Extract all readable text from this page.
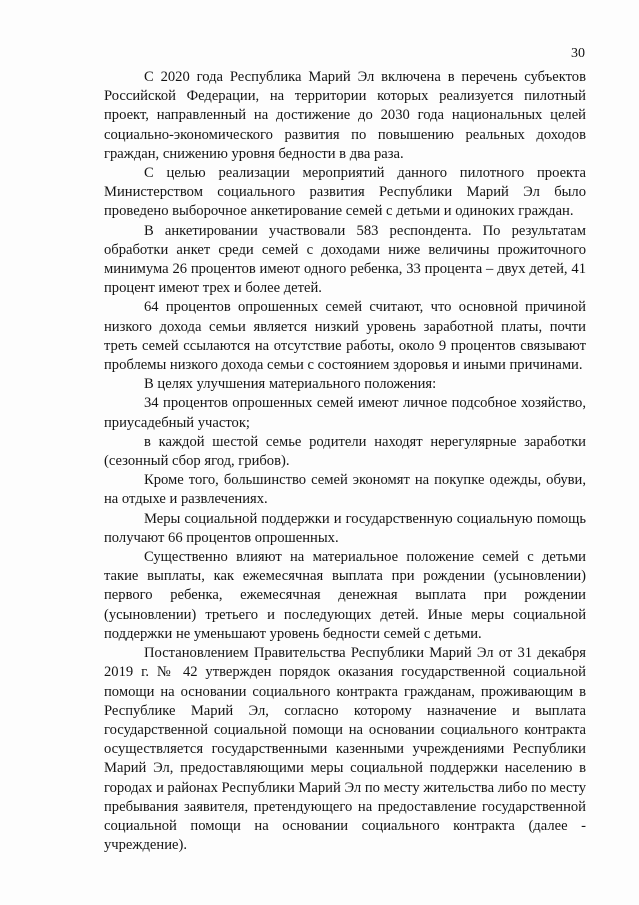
30

С 2020 года Республика Марий Эл включена в перечень субъектов Российской Федерации, на территории которых реализуется пилотный проект, направленный на достижение до 2030 года национальных целей социально-экономического развития по повышению реальных доходов граждан, снижению уровня бедности в два раза.

С целью реализации мероприятий данного пилотного проекта Министерством социального развития Республики Марий Эл было проведено выборочное анкетирование семей с детьми и одиноких граждан.

В анкетировании участвовали 583 респондента. По результатам обработки анкет среди семей с доходами ниже величины прожиточного минимума 26 процентов имеют одного ребенка, 33 процента – двух детей, 41 процент имеют трех и более детей.

64 процентов опрошенных семей считают, что основной причиной низкого дохода семьи является низкий уровень заработной платы, почти треть семей ссылаются на отсутствие работы, около 9 процентов связывают проблемы низкого дохода семьи с состоянием здоровья и иными причинами.

В целях улучшения материального положения:

34 процентов опрошенных семей имеют личное подсобное хозяйство, приусадебный участок;

в каждой шестой семье родители находят нерегулярные заработки (сезонный сбор ягод, грибов).

Кроме того, большинство семей экономят на покупке одежды, обуви, на отдыхе и развлечениях.

Меры социальной поддержки и государственную социальную помощь получают 66 процентов опрошенных.

Существенно влияют на материальное положение семей с детьми такие выплаты, как ежемесячная выплата при рождении (усыновлении) первого ребенка, ежемесячная денежная выплата при рождении (усыновлении) третьего и последующих детей. Иные меры социальной поддержки не уменьшают уровень бедности семей с детьми.

Постановлением Правительства Республики Марий Эл от 31 декабря 2019 г. № 42 утвержден порядок оказания государственной социальной помощи на основании социального контракта гражданам, проживающим в Республике Марий Эл, согласно которому назначение и выплата государственной социальной помощи на основании социального контракта осуществляется государственными казенными учреждениями Республики Марий Эл, предоставляющими меры социальной поддержки населению в городах и районах Республики Марий Эл по месту жительства либо по месту пребывания заявителя, претендующего на предоставление государственной социальной помощи на основании социального контракта (далее - учреждение).
